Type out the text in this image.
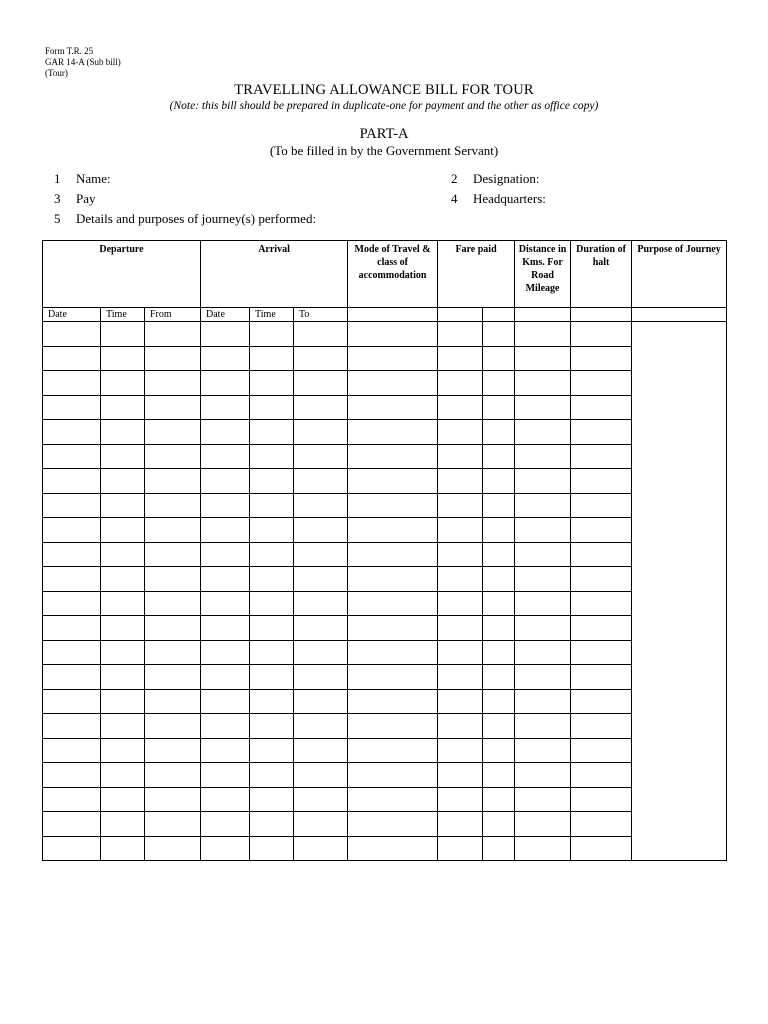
Form T.R. 25
GAR 14-A (Sub bill)
(Tour)
TRAVELLING ALLOWANCE BILL FOR TOUR
(Note: this bill should be prepared in duplicate-one for payment and the other as office copy)
PART-A
(To be filled in by the Government Servant)
1 Name:	2 Designation:
3 Pay	4 Headquarters:
5 Details and purposes of journey(s) performed:
Departure			Arrival			Mode of Travel & class of accommodation	Fare paid		Distance in Kms. For Road Mileage	Duration of halt	Purpose of Journey
Date	Time	From	Date	Time	To						
